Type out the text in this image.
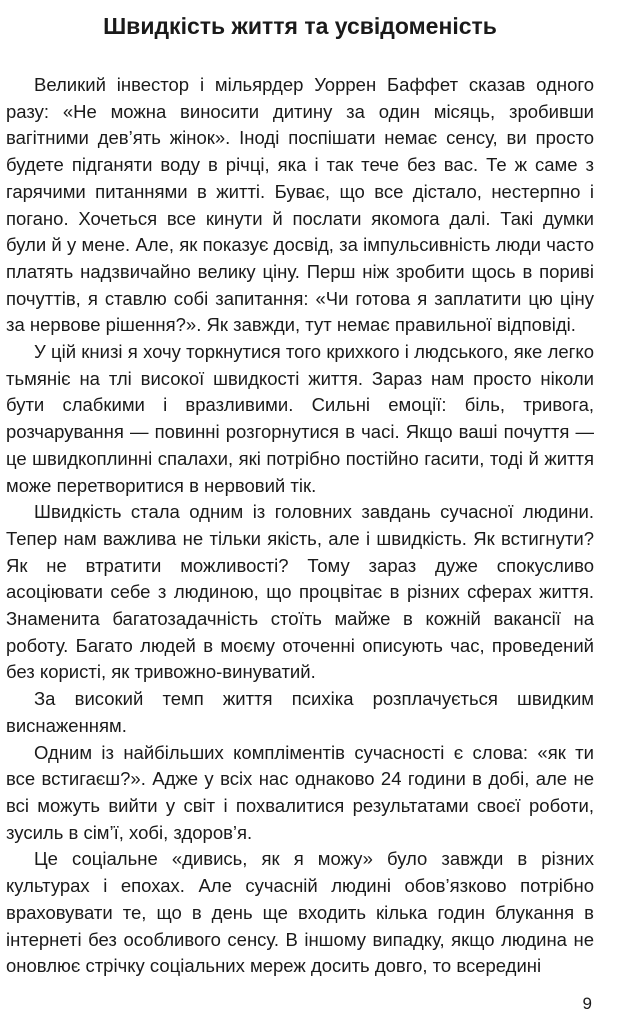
Швидкість життя та усвідоменість

Великий інвестор і мільярдер Уоррен Баффет сказав одного разу: «Не можна виносити дитину за один місяць, зробивши вагітними дев’ять жінок». Іноді поспішати немає сенсу, ви просто будете підганяти воду в річці, яка і так тече без вас. Те ж саме з гарячими питаннями в житті. Буває, що все дістало, нестерпно і погано. Хочеться все кинути й послати якомога далі. Такі думки були й у мене. Але, як показує досвід, за імпульсивність люди часто платять надзвичайно велику ціну. Перш ніж зробити щось в пориві почуттів, я ставлю собі запитання: «Чи готова я заплатити цю ціну за нервове рішення?». Як завжди, тут немає правильної відповіді.

У цій книзі я хочу торкнутися того крихкого і людського, яке легко тьмяніє на тлі високої швидкості життя. Зараз нам просто ніколи бути слабкими і вразливими. Сильні емоції: біль, тривога, розчарування — повинні розгорнутися в часі. Якщо ваші почуття — це швидкоплинні спалахи, які потрібно постійно гасити, тоді й життя може перетворитися в нервовий тік.

Швидкість стала одним із головних завдань сучасної людини. Тепер нам важлива не тільки якість, але і швидкість. Як встигнути? Як не втратити можливості? Тому зараз дуже спокусливо асоціювати себе з людиною, що процвітає в різних сферах життя. Знаменита багатозадачність стоїть майже в кожній вакансії на роботу. Багато людей в моєму оточенні описують час, проведений без користі, як тривожно-винуватий.

За високий темп життя психіка розплачується швидким виснаженням.

Одним із найбільших компліментів сучасності є слова: «як ти все встигаєш?». Адже у всіх нас однаково 24 години в добі, але не всі можуть вийти у світ і похвалитися результатами своєї роботи, зусиль в сім’ї, хобі, здоров’я.

Це соціальне «дивись, як я можу» було завжди в різних культурах і епохах. Але сучасній людині обов’язково потрібно враховувати те, що в день ще входить кілька годин блукання в інтернеті без особливого сенсу. В іншому випадку, якщо людина не оновлює стрічку соціальних мереж досить довго, то всередині

9
